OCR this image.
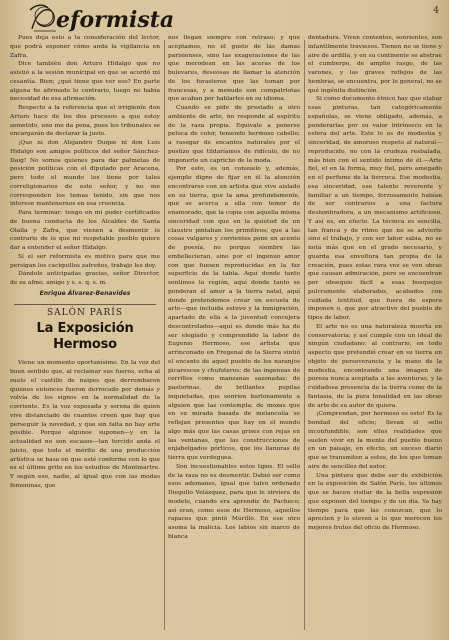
eformista	4

Pues deja esto a la consideración del lector, que podrá exponer cómo anda la vigilancia en Zafra.

Dice también don Arturo Hidalgo que no asistió a la sesión municipal en que se acordó mi cesantía. Bien; ¿qué tiene que ver eso? En parte alguna he afirmado lo contrario, luego no había necesidad de esa afirmación.

Respecto a la referencia que el irrigiente don Arturo hace de los dos procesos a que estoy sometido, uno me da pena, pues los tribunales se encargarán de declarar la justo.

¡Que ni don Alejandro Duque ni don Luis Hidalgo son amigos políticos del señor Sánchez-Daig! No somos quienes para dar palmetas de posición políticas con el diputado por Aracena, pero todo el mundo los tiene por tales correligionarios de este señor, y no me corresponden los temas tenido, sin que nos interese mantenernos en esa creencia.

Para terminar: tengo en mi poder certificados de buena conducta de los Alcaldes de Santa Olalla y Zafra, que vienen a desmentir lo contrario de lo que mi respetable pueblo quiere dar a entender el señor Hidalgo.

Si el ser reformista es motivo para que me persigan los caciquillos zafreños, trabajo les doy.

Dándole anticipadas gracias, señor Director, de su afmo. amigo y s. s. q. s. m.

Enrique Álvarez-Benavides

SALÓN PARÍS

La Exposición Hermoso

Viene un momento oportunísimo. En la voz del buen sentido que, al reclamar sus fueros, echa al suelo el castillo de naipes que derrumbaron quienes entonces fueron derrocado por demás y volvía de los signos en la normalidad de la corriente. Es la voz exposada y serena de quien vive distanciado de cuantos creen que hay que perseguir la novedad, y que sin falta no hay arte posible. Porque algunos suponen—y en la actualidad no son escasos—tan torcido anda el juicio, que todo el mérito de una producción artística se basa en que esté conforme con lo que es el último grito en los estudios de Montmartre. Y según eso, nadie, al igual que con las modas femeninas, que

nos llegan siempre con retraso; y que aceptamos, no el gusto de las damas parisienses, sino las exageraciones de las que merodean en las aceras de los bulevares, deseosas de llamar la atención de los forasteros que las toman por francesas, y a menudo son compatriotas que acaban por hablarles en su idioma.

Cuando se pide de prestado a otro ambiente de arte, no responde al espíritu de la raza propia. Equivale a ponerse peluca de color, teniendo hermoso cabello; a rasegar de encantos naturales por el postizo que tildaríamos de ridículo, de no imponerlo un capricho de la moda.

Por esto, es un consuelo y, además, ejemplo digno de fijar en él la atención encontrarse con un artista que vive aislado en su tierra, que la ama profundamente, que se acerca a ella con temor de enamorado, que la copia con aquella misma sinceridad con que en la quietud de un claustro pintaban los primitivos; que a las cosas vulgares y corrientes pone un acento de poesía, no porque siembre las embellecieran, sino por el ingenuo amor con que fuesen reproducidas en la faz superficie de la tabla. Aquí donde tanto sentimos la región, aquí donde tanto se ponderan el amor a la tierra natal, aquí donde pretendemos crear un escuela de arte—que incluida estuvo y la inmigración, apartado de ella a la juventud concejera descontrolados—aquí es donde más ha de ser elogiado y comprendido la labor de Eugenio Hermoso, ese artista que arrinconado en Fregenal de la Sierra sintió el encanto de aquel pueblo de los naranjos picarescos y chufoteros; de las ingenuas de cerrillos como manzanas sazonadas; de pastorinas, de brillantes pupilas inquietadas, que sonrien burlonamente a alguien que las contempla; de mozas que en su mirada basada de melancolía se reflejan presentes que hay en el mundo algo más que las casas grises con rejas en las ventanas, que las construcciones de enjabelgados pórticos, que los llanuras de tierra que verdeguea.

Son incuestionables estos tipos. El sello de la raza no es desmentir. Dabió ser como esos ademanes, igual que talvo ordenado Diegullo Velázquez, para que le sirviera de modelo, cuando era aprendiz de Pacheco; así eran, como esos de Hermoso, aquellos rapaces que pintó Murillo. En ese otro asoma la malicia. Los labios sin marco de blanca

dentadura. Viven contentos, sonrientes, son infantilmente traviesos. Tienen no se tiene y aire de ardilla, y en su continente se abstrae el cumberpo, de amplio rasgo, de las varones, y las graves reflejos de las hembras, se encuentra, por lo general, no se qué ingénita distinción.

Si como documento étnico hay que elabar esas pinturas, tan categóricamente españolas, se viene obligado, además, a ponderarlas por su valor intrínseco en la esfera del arte. Este lo es de modestia y sinceridad, de amoroso respeto al natural—reproducido, no con la crudeza resbalada, más bien con el sentido íntimo de él.—Arte fiel, el en la forma, muy fiel, pero amegado en el perfume de la tierruca. Ese modestia, esa sinceridad, ese talento reverente y familiar a un tiempo, forzosamente habían de ser contrarios a una factura deslumbradora, a un mecanismo artificioso. Y así es, en efecto. La técnica es sencilla, tan franca y de ritmo que no se advierte sino el trabajo, y con ser labor sabia, no se nota más que en el grado necesario, y guarda esa envoltura tan propia de la creación, pues estas rara vez se ven obras que causan admiración, pero se encuentran por obsequio fácil a esas bosquejos pulcramente elaborados, acabados con cuidada lentitud, que fuera de espera imponen o, que por atractivo del pueblo de tipos de labor.

El arte no es una naturaleza muerta en conservatoria; y así cumple con un ideal de ningún ciudadano: al contrario, en todo aspecto que pretendió crear en su tierra un objeto de perseverancia y la mano de la modestia, encontrando una imagen de pureza nunca aceptada a las aventuras, y la cuidadosa presencia de la tierra como de la fantasía, de la pura tonalidad en las obras de arte de su autor de quiera.

¡Comprendan, por hermoso es esto! Es la bondad del oficio; llevan el sello inconfundible, son ellos realidades que suelen vivir en la mente del pueblo bueno en un paisaje, en efecto, un suceso diario que se transmiten a estos, de los que toman aire de sencillez del autor.

Una pintura que debe ser de exhibición en la exposición de Salón París, los últimos que se hacen visitar de la bella expresión que exponen del tiempo y de un día. Ya hay tiempo para que las conozcan, que lo aprecien y lo eleven a lo que merecen los mejores frutos del oficio de Hermoso.
